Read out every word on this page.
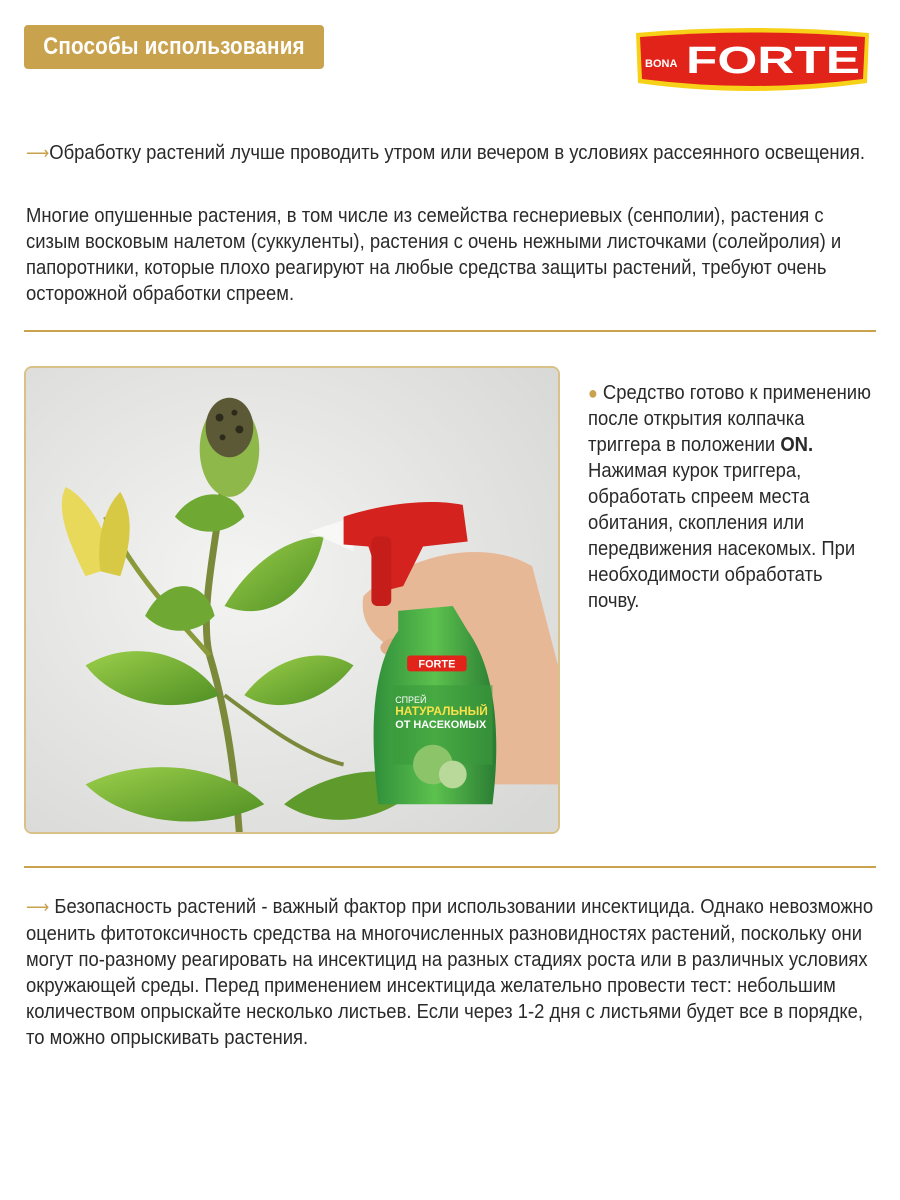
Способы использования
BONA FORTE
⟶Обработку растений лучше проводить утром или вечером в условиях рассеянного освещения.
Многие опушенные растения, в том числе из семейства геснериевых (сенполии), растения с сизым восковым налетом (суккуленты), растения с очень нежными листочками (солейролия) и папоротники, которые плохо реагируют на любые средства защиты растений, требуют очень осторожной обработки спреем.
FORTE
СПРЕЙ
НАТУРАЛЬНЫЙ
ОТ НАСЕКОМЫХ
● Средство готово к применению после открытия колпачка триггера в положении ON. Нажимая курок триггера, обработать спреем места обитания, скопления или передвижения насекомых. При необходимости обработать почву.
⟶ Безопасность растений - важный фактор при использовании инсектицида. Однако невозможно оценить фитотоксичность средства на многочисленных разновидностях растений, поскольку они могут по-разному реагировать на инсектицид на разных стадиях роста или в различных условиях окружающей среды. Перед применением инсектицида желательно провести тест: небольшим количеством опрыскайте несколько листьев. Если через 1-2 дня с листьями будет все в порядке, то можно опрыскивать растения.
